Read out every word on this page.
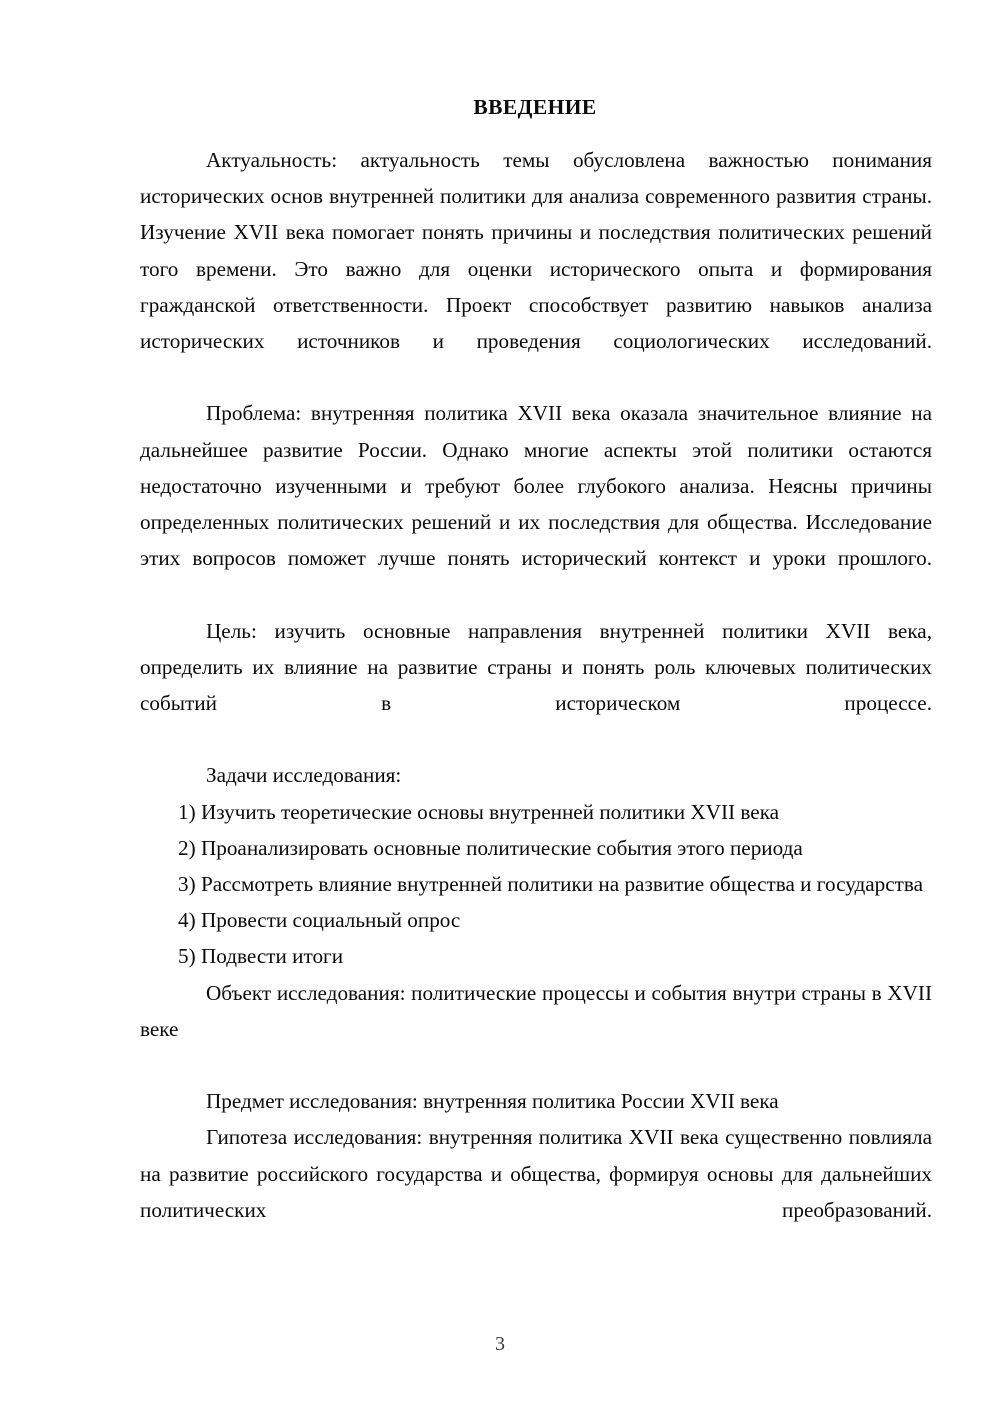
ВВЕДЕНИЕ

Актуальность: актуальность темы обусловлена важностью понимания исторических основ внутренней политики для анализа современного развития страны. Изучение XVII века помогает понять причины и последствия политических решений того времени. Это важно для оценки исторического опыта и формирования гражданской ответственности. Проект способствует развитию навыков анализа исторических источников и проведения социологических исследований.

Проблема: внутренняя политика XVII века оказала значительное влияние на дальнейшее развитие России. Однако многие аспекты этой политики остаются недостаточно изученными и требуют более глубокого анализа. Неясны причины определенных политических решений и их последствия для общества. Исследование этих вопросов поможет лучше понять исторический контекст и уроки прошлого.

Цель: изучить основные направления внутренней политики XVII века, определить их влияние на развитие страны и понять роль ключевых политических событий в историческом процессе.

Задачи исследования:

1) Изучить теоретические основы внутренней политики XVII века

2) Проанализировать основные политические события этого периода

3) Рассмотреть влияние внутренней политики на развитие общества и государства

4) Провести социальный опрос

5) Подвести итоги

Объект исследования: политические процессы и события внутри страны в XVII веке

Предмет исследования: внутренняя политика России XVII века

Гипотеза исследования: внутренняя политика XVII века существенно повлияла на развитие российского государства и общества, формируя основы для дальнейших политических преобразований.

3
